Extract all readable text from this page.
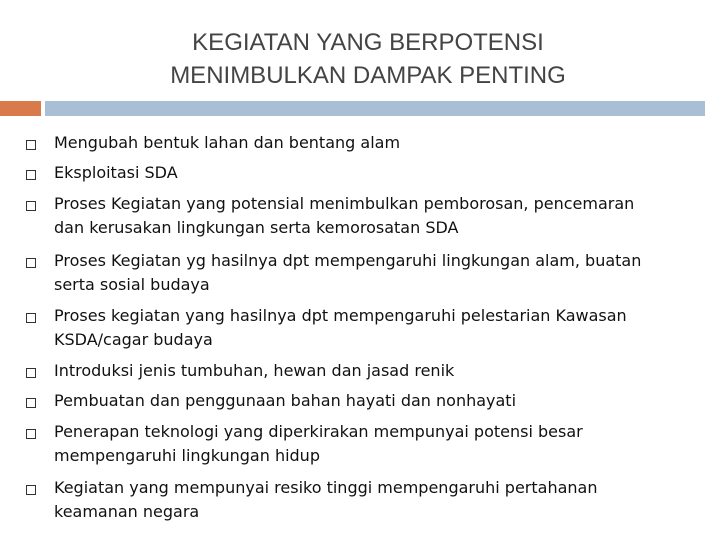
KEGIATAN YANG BERPOTENSI
MENIMBULKAN DAMPAK PENTING
Mengubah bentuk lahan dan bentang alam
Eksploitasi SDA
Proses Kegiatan yang potensial menimbulkan pemborosan, pencemaran
dan kerusakan lingkungan serta kemorosatan SDA
Proses Kegiatan yg hasilnya dpt mempengaruhi lingkungan alam, buatan
serta sosial budaya
Proses kegiatan yang hasilnya dpt mempengaruhi pelestarian Kawasan
KSDA/cagar budaya
Introduksi jenis tumbuhan, hewan dan jasad renik
Pembuatan dan penggunaan bahan hayati dan nonhayati
Penerapan teknologi yang diperkirakan mempunyai potensi besar
mempengaruhi lingkungan hidup
Kegiatan yang mempunyai resiko tinggi mempengaruhi pertahanan
keamanan negara
